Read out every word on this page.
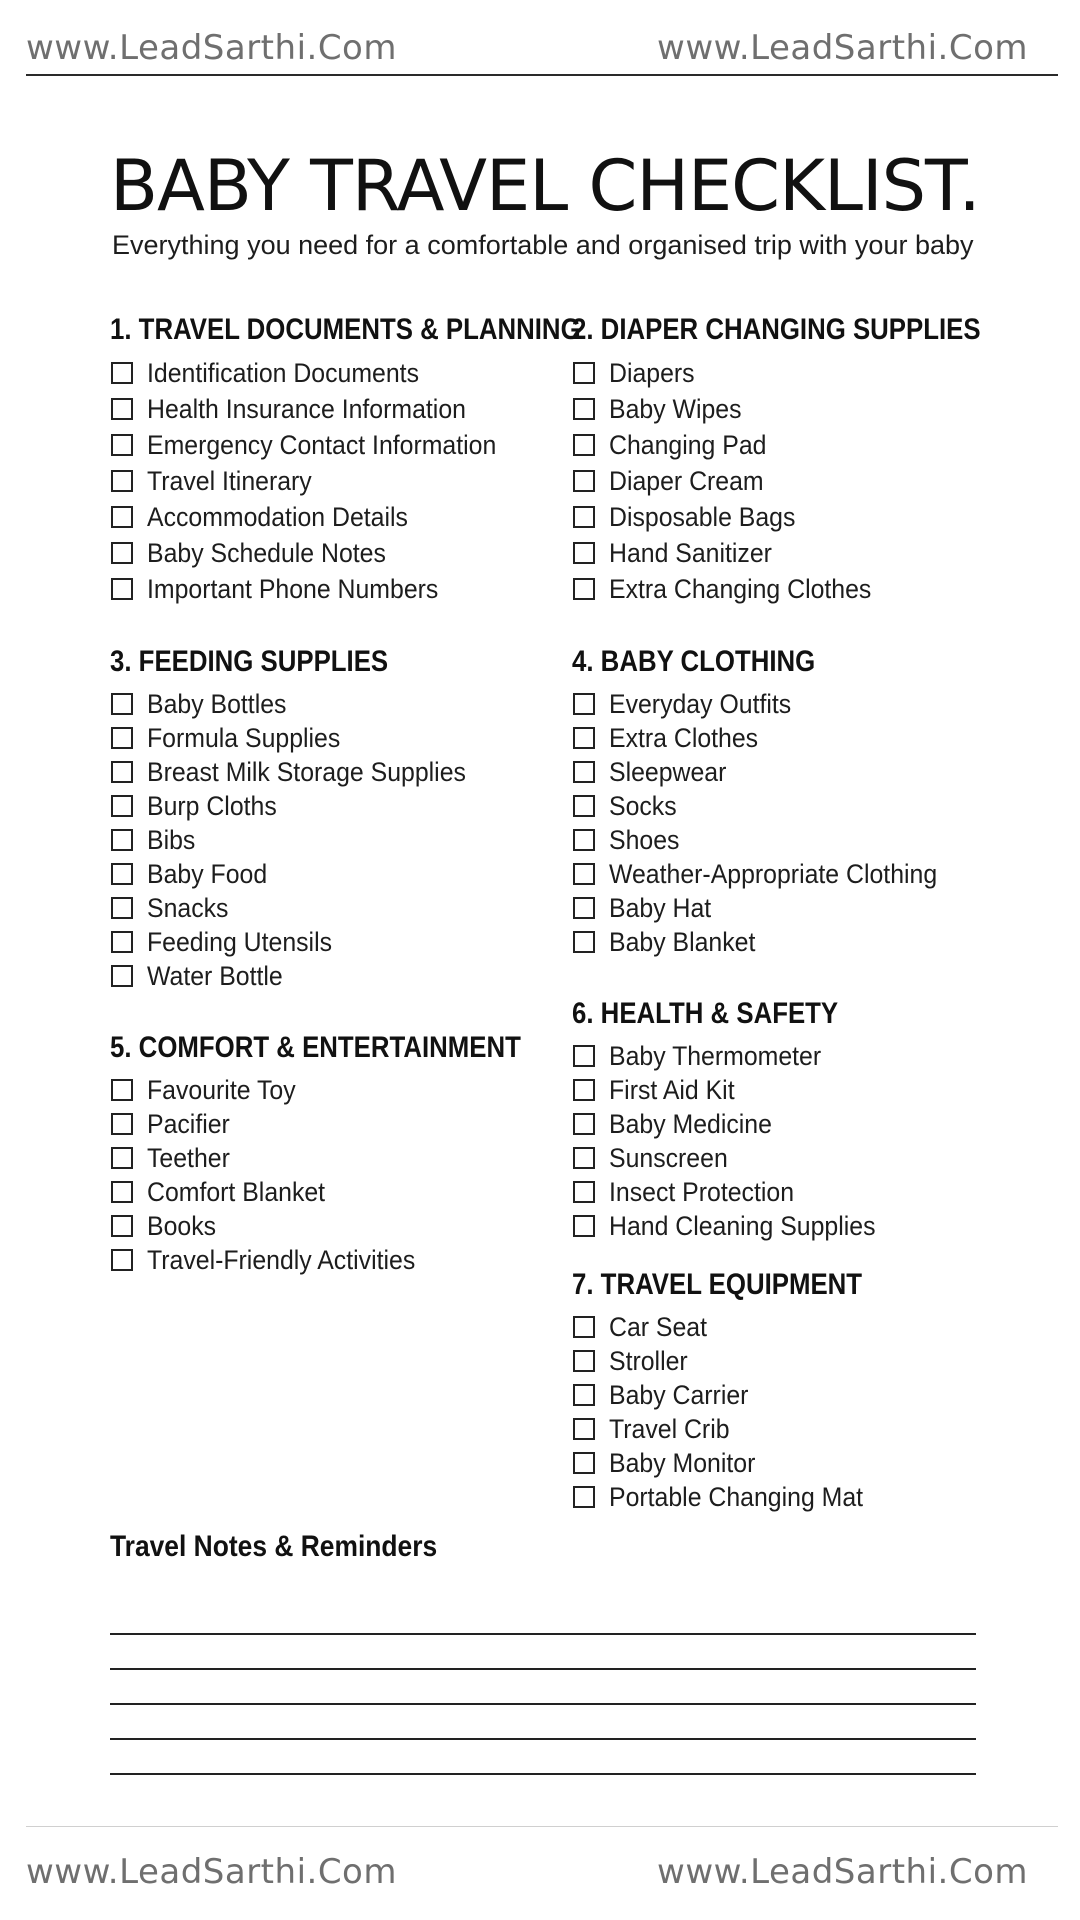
www.LeadSarthi.Com	www.LeadSarthi.Com
BABY TRAVEL CHECKLIST.
Everything you need for a comfortable and organised trip with your baby
1. TRAVEL DOCUMENTS & PLANNING
Identification Documents
Health Insurance Information
Emergency Contact Information
Travel Itinerary
Accommodation Details
Baby Schedule Notes
Important Phone Numbers
2. DIAPER CHANGING SUPPLIES
Diapers
Baby Wipes
Changing Pad
Diaper Cream
Disposable Bags
Hand Sanitizer
Extra Changing Clothes
3. FEEDING SUPPLIES
Baby Bottles
Formula Supplies
Breast Milk Storage Supplies
Burp Cloths
Bibs
Baby Food
Snacks
Feeding Utensils
Water Bottle
4. BABY CLOTHING
Everyday Outfits
Extra Clothes
Sleepwear
Socks
Shoes
Weather-Appropriate Clothing
Baby Hat
Baby Blanket
5. COMFORT & ENTERTAINMENT
Favourite Toy
Pacifier
Teether
Comfort Blanket
Books
Travel-Friendly Activities
6. HEALTH & SAFETY
Baby Thermometer
First Aid Kit
Baby Medicine
Sunscreen
Insect Protection
Hand Cleaning Supplies
7. TRAVEL EQUIPMENT
Car Seat
Stroller
Baby Carrier
Travel Crib
Baby Monitor
Portable Changing Mat
Travel Notes & Reminders
www.LeadSarthi.Com	www.LeadSarthi.Com
